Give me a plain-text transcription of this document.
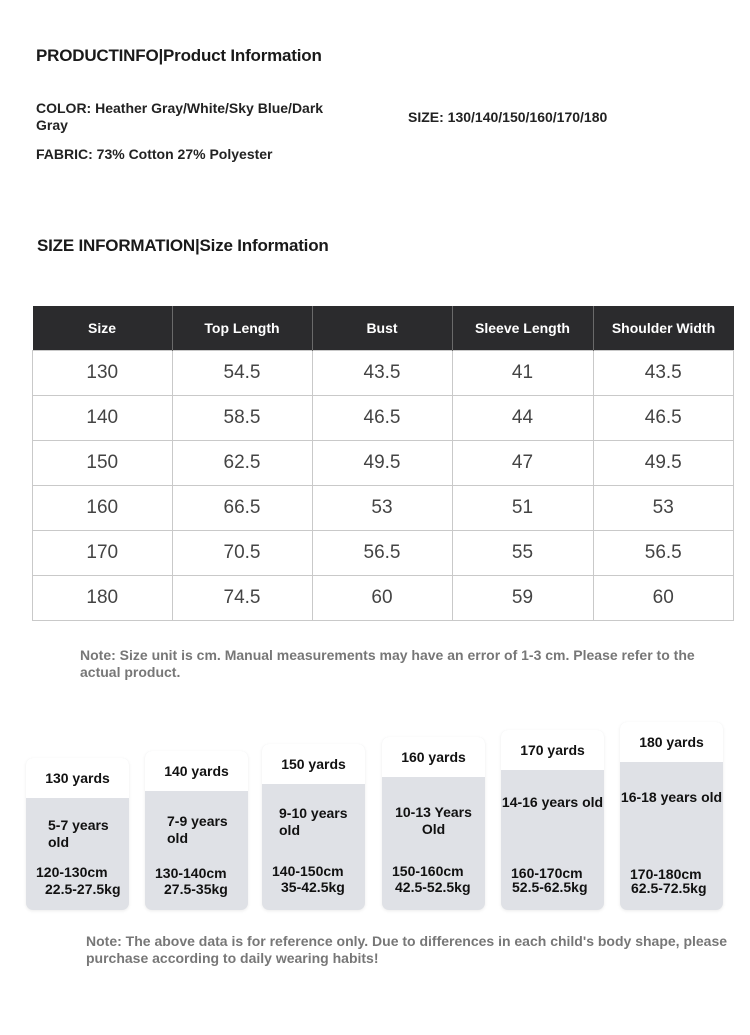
PRODUCTINFO|Product Information
COLOR: Heather Gray/White/Sky Blue/Dark Gray
FABRIC: 73% Cotton 27% Polyester
SIZE: 130/140/150/160/170/180
SIZE INFORMATION|Size Information
Size	Top Length	Bust	Sleeve Length	Shoulder Width
130	54.5	43.5	41	43.5
140	58.5	46.5	44	46.5
150	62.5	49.5	47	49.5
160	66.5	53	51	53
170	70.5	56.5	55	56.5
180	74.5	60	59	60
Note: Size unit is cm. Manual measurements may have an error of 1-3 cm. Please refer to the actual product.
130 yards
5-7 years old
120-130cm
22.5-27.5kg
140 yards
7-9 years old
130-140cm
27.5-35kg
150 yards
9-10 years old
140-150cm
35-42.5kg
160 yards
10-13 Years Old
150-160cm
42.5-52.5kg
170 yards
14-16 years old
160-170cm
52.5-62.5kg
180 yards
16-18 years old
170-180cm
62.5-72.5kg
Note: The above data is for reference only. Due to differences in each child's body shape, please purchase according to daily wearing habits!
